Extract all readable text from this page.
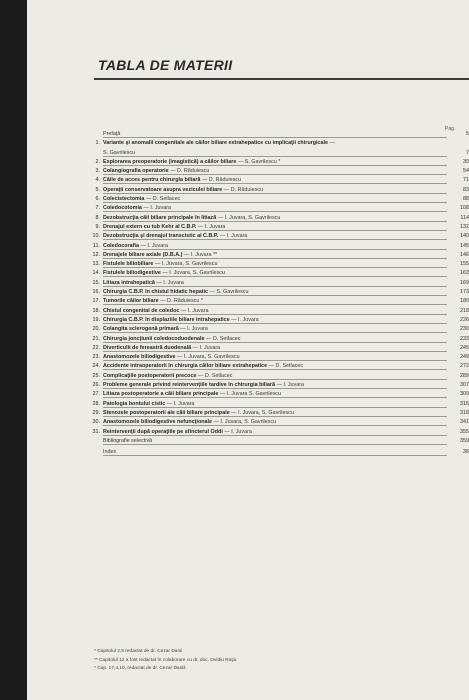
TABLA DE MATERII
Pag.
Prefaţă	5
1. Variante şi anomalii congenitale ale căilor biliare extrahepatice cu implicaţii chirurgicale —
S. Gavrilescu	7
2. Explorarea preoperatorie (imagistică) a căilor biliare — S. Gavrilescu *	30
3. Colangiografia operatorie — D. Răduiescu	54
4. Căile de acces pentru chirurgia biliară — D. Răduiescu	71
5. Operaţii conservatoare asupra veziculei biliare — D. Răduiescu	83
6. Colecistectomia — D. Setlacec	88
7. Coledocotomia — I. Juvara	108
8. Dezobstrucţia căii biliare principale în litiază — I. Juvara, S. Gavrilescu	114
9. Drenajul extern cu tub Kehr al C.B.P. — I. Juvara	132
10. Dezobstrucţia şi drenajul transcistic al C.B.P. — I. Juvara	140
11. Coledocorafia — I. Juvara	145
12. Drenajele biliare axiale (D.B.A.) — I. Juvara **	146
13. Fistulele biliobiliare — I. Juvara, S. Gavrilescu	155
14. Fistulele biliodigestive — I. Juvara, S. Gavrilescu	163
15. Litiaza intrahepatică — I. Juvara	169
16. Chirurgia C.B.P. în chistul hidatic hepatic — S. Gavrilescu	173
17. Tumorile căilor biliare — D. Răduiescu *	180
18. Chistul congenital de coledoc — I. Juvara	218
19. Chirurgia C.B.P. în displaziile biliare intrahepatice — I. Juvara	226
20. Colangita sclerogenă primară — I. Juvara	230
21. Chirurgia joncţiunii coledocoduodenale — D. Setlacec	233
22. Diverticulii de fereastră duodenală — I. Juvara	245
23. Anastomozele biliodigestive — I. Juvara, S. Gavrilescu	249
24. Accidente intraoperatorii în chirurgia căilor biliare extrahepatice — D. Setlacec	272
25. Complicaţiile postoperatorii precoce — D. Setlacec	289
26. Probleme generale privind reintervenţiile tardive în chirurgia biliară — I. Juvara	307
27. Litiaza postoperatorie a căii biliare principale — I. Juvara S. Gavrilescu	309
28. Patologia bontului cistic — I. Juvara	315
29. Stenozele postoperatorii ale căii biliare principale — I. Juvara, S. Gavrilescu	318
30. Anastomozele biliodigestive nefuncţionale — I. Juvara, S. Gavrilescu	341
31. Reintervenţii după operaţiile pe sfincterul Oddi — I. Juvara	355
Bibliografie selectivă	359
Index	36
* Capitolul 2,5 redactat de dr. Cezar Danii
** Capitolul 12 a fost redactat în colaborare cu dr. doc. Ovidiu Raţiu
* Cap. 17,4,10, redactat de dr. Cezar Daniil
